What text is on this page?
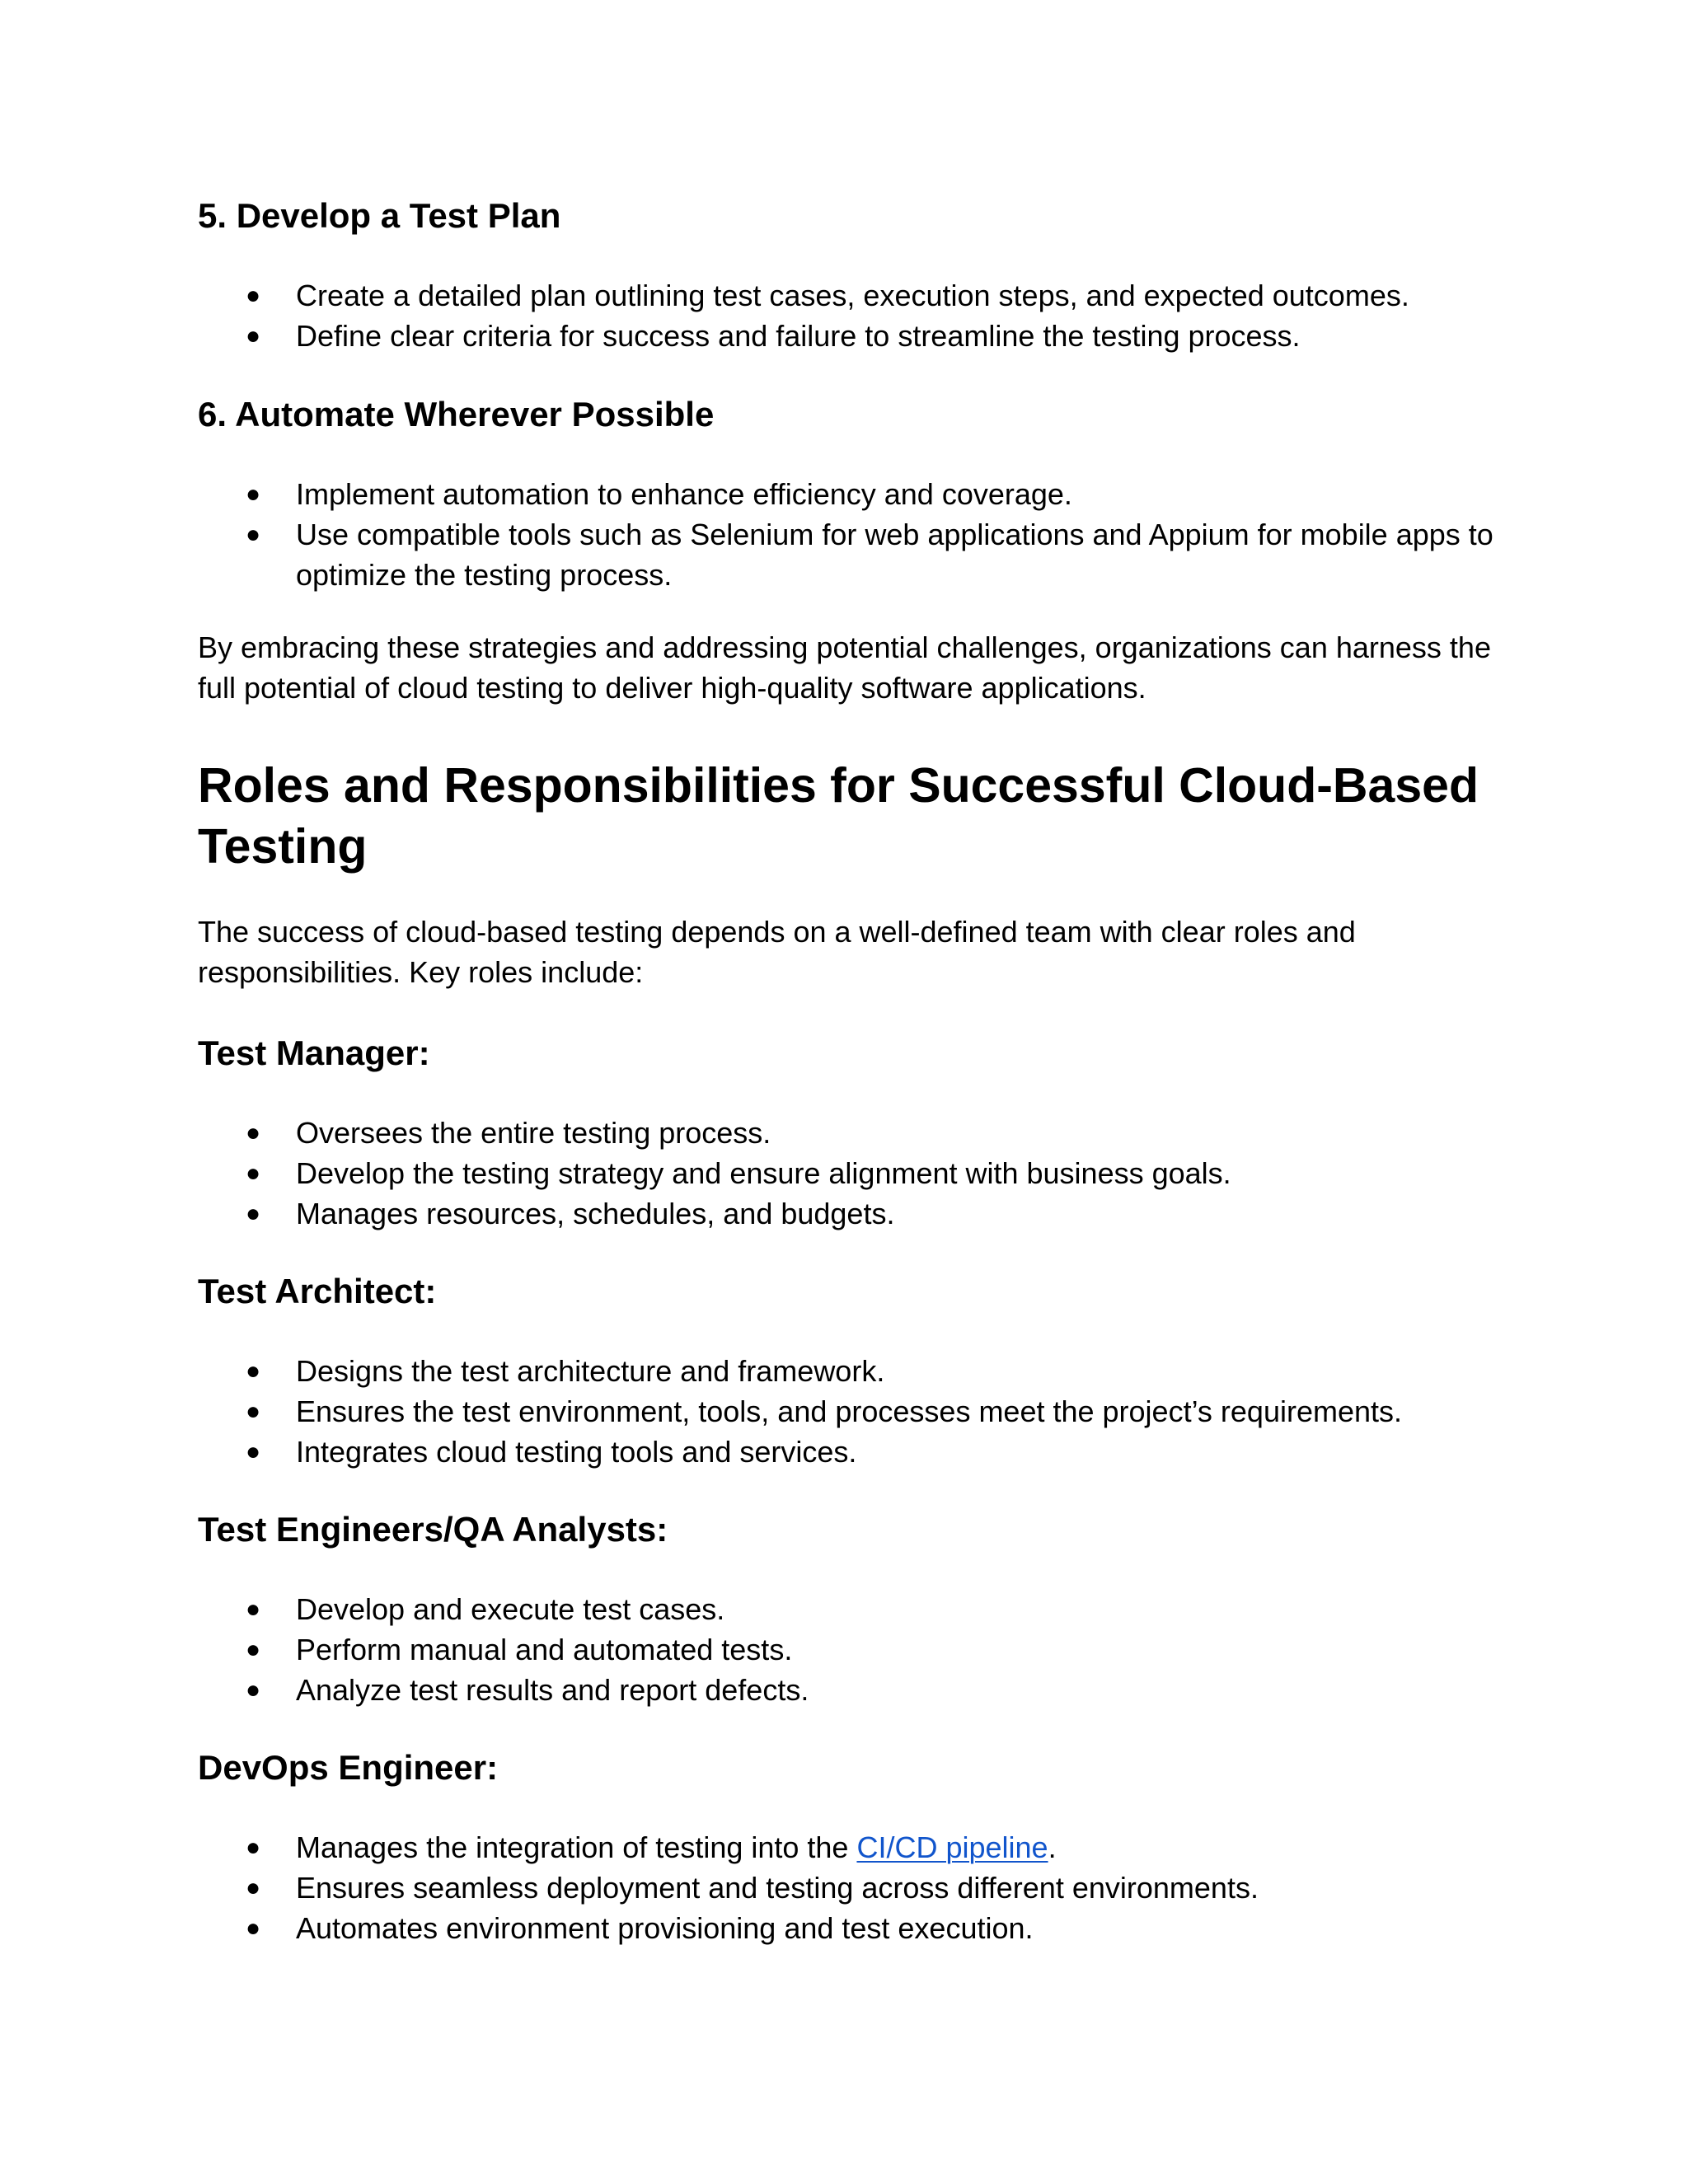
5. Develop a Test Plan
● Create a detailed plan outlining test cases, execution steps, and expected outcomes.
● Define clear criteria for success and failure to streamline the testing process.
6. Automate Wherever Possible
● Implement automation to enhance efficiency and coverage.
● Use compatible tools such as Selenium for web applications and Appium for mobile apps to optimize the testing process.

By embracing these strategies and addressing potential challenges, organizations can harness the full potential of cloud testing to deliver high-quality software applications.

Roles and Responsibilities for Successful Cloud-Based Testing

The success of cloud-based testing depends on a well-defined team with clear roles and responsibilities. Key roles include:

Test Manager:
● Oversees the entire testing process.
● Develop the testing strategy and ensure alignment with business goals.
● Manages resources, schedules, and budgets.
Test Architect:
● Designs the test architecture and framework.
● Ensures the test environment, tools, and processes meet the project’s requirements.
● Integrates cloud testing tools and services.
Test Engineers/QA Analysts:
● Develop and execute test cases.
● Perform manual and automated tests.
● Analyze test results and report defects.
DevOps Engineer:
● Manages the integration of testing into the CI/CD pipeline.
● Ensures seamless deployment and testing across different environments.
● Automates environment provisioning and test execution.
